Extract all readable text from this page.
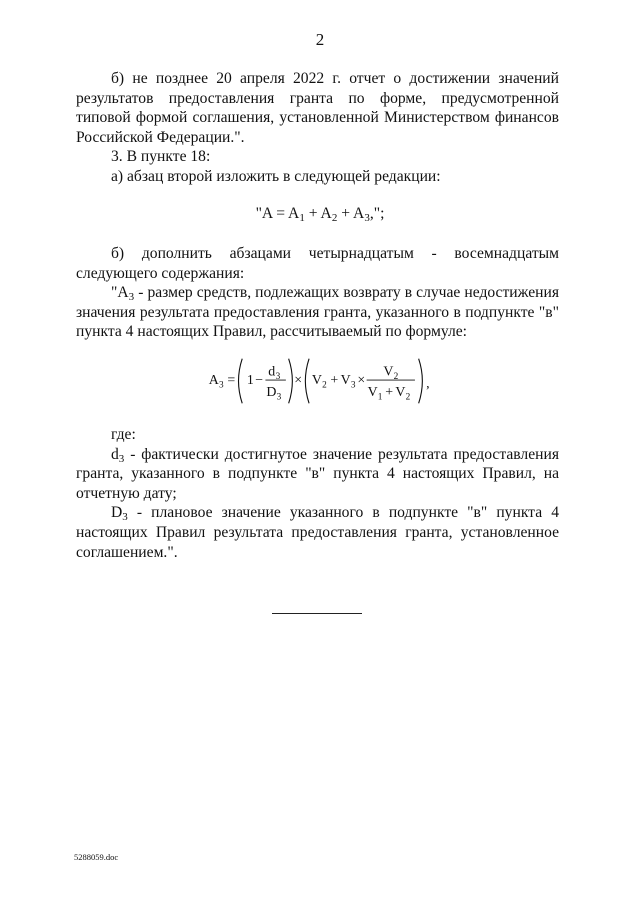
2

б) не позднее 20 апреля 2022 г. отчет о достижении значений результатов предоставления гранта по форме, предусмотренной типовой формой соглашения, установленной Министерством финансов Российской Федерации.".

3. В пункте 18:

а) абзац второй изложить в следующей редакции:

"$A = A_1 + A_2 + A_3$,";

б) дополнить абзацами четырнадцатым - восемнадцатым следующего содержания:

"$A_3$ - размер средств, подлежащих возврату в случае недостижения значения результата предоставления гранта, указанного в подпункте "в" пункта 4 настоящих Правил, рассчитываемый по формуле:

A 3 = 1 −
d 3
D 3
× V 2 + V 3 ×
V 2
V 1 + V 2
,

где:

$d_3$ - фактически достигнутое значение результата предоставления гранта, указанного в подпункте "в" пункта 4 настоящих Правил, на отчетную дату;

$D_3$ - плановое значение указанного в подпункте "в" пункта 4 настоящих Правил результата предоставления гранта, установленное соглашением.".

5288059.doc
